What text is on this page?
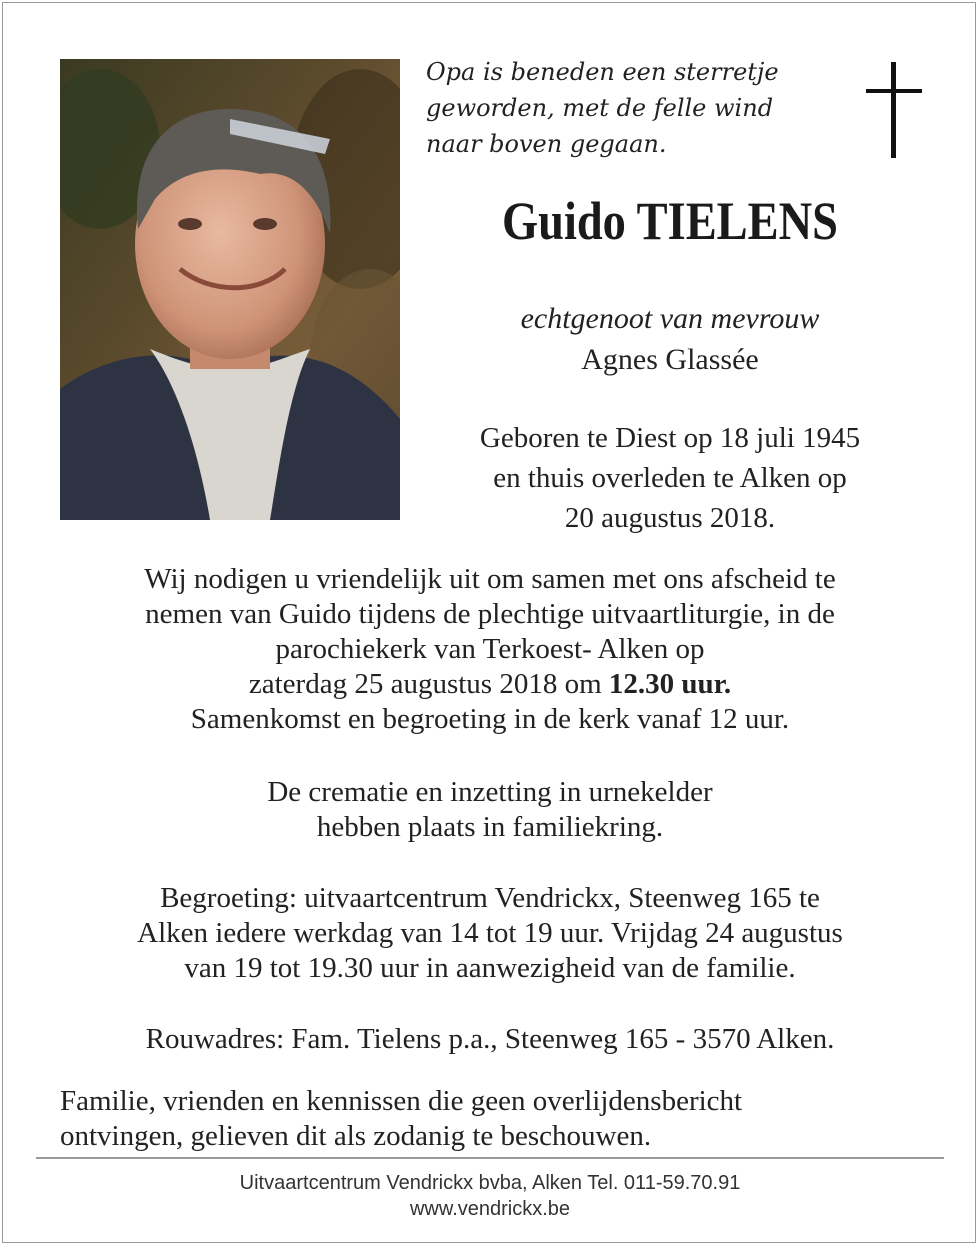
Opa is beneden een sterretje
geworden, met de felle wind
naar boven gegaan.

Guido TIELENS

echtgenoot van mevrouw

Agnes Glassée

Geboren te Diest op 18 juli 1945
en thuis overleden te Alken op
20 augustus 2018.

Wij nodigen u vriendelijk uit om samen met ons afscheid te
nemen van Guido tijdens de plechtige uitvaartliturgie, in de
parochiekerk van Terkoest- Alken op
zaterdag 25 augustus 2018 om 12.30 uur.
Samenkomst en begroeting in de kerk vanaf 12 uur.

De crematie en inzetting in urnekelder
hebben plaats in familiekring.

Begroeting: uitvaartcentrum Vendrickx, Steenweg 165 te
Alken iedere werkdag van 14 tot 19 uur. Vrijdag 24 augustus
van 19 tot 19.30 uur in aanwezigheid van de familie.

Rouwadres: Fam. Tielens p.a., Steenweg 165 - 3570 Alken.

Familie, vrienden en kennissen die geen overlijdensbericht
ontvingen, gelieven dit als zodanig te beschouwen.

Uitvaartcentrum Vendrickx bvba, Alken Tel. 011-59.70.91
www.vendrickx.be
